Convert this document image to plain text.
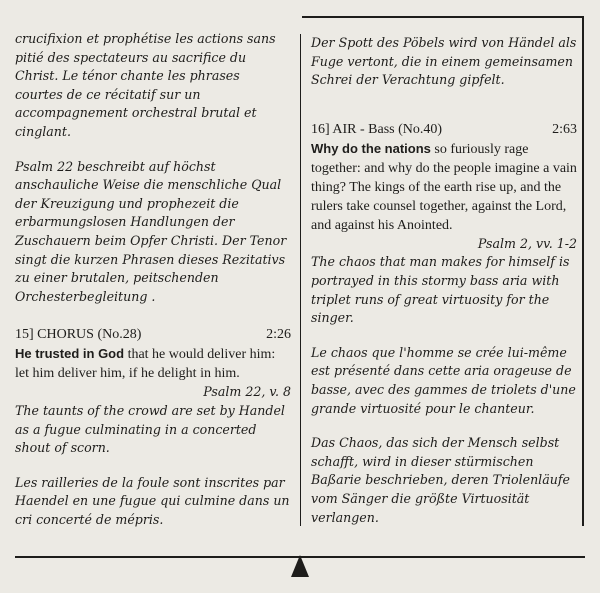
crucifixion et prophétise les actions sans pitié des spectateurs au sacrifice du Christ. Le ténor chante les phrases courtes de ce récitatif sur un accompagnement orchestral brutal et cinglant.

Psalm 22 beschreibt auf höchst anschauliche Weise die menschliche Qual der Kreuzigung und prophezeit die erbarmungslosen Handlungen der Zuschauern beim Opfer Christi. Der Tenor singt die kurzen Phrasen dieses Rezitativs zu einer brutalen, peitschenden Orchesterbegleitung .

15] CHORUS (No.28)	2:26

He trusted in God that he would deliver him: let him deliver him, if he delight in him.

Psalm 22, v. 8

The taunts of the crowd are set by Handel as a fugue culminating in a concerted shout of scorn.

Les railleries de la foule sont inscrites par Haendel en une fugue qui culmine dans un cri concerté de mépris.

Der Spott des Pöbels wird von Händel als Fuge vertont, die in einem gemeinsamen Schrei der Verachtung gipfelt.

16] AIR - Bass (No.40)	2:63

Why do the nations so furiously rage together: and why do the people imagine a vain thing? The kings of the earth rise up, and the rulers take counsel together, against the Lord, and against his Anointed.

Psalm 2, vv. 1-2

The chaos that man makes for himself is portrayed in this stormy bass aria with triplet runs of great virtuosity for the singer.

Le chaos que l'homme se crée lui-même est présenté dans cette aria orageuse de basse, avec des gammes de triolets d'une grande virtuosité pour le chanteur.

Das Chaos, das sich der Mensch selbst schafft, wird in dieser stürmischen Baßarie beschrieben, deren Triolenläufe vom Sänger die größte Virtuosität verlangen.
